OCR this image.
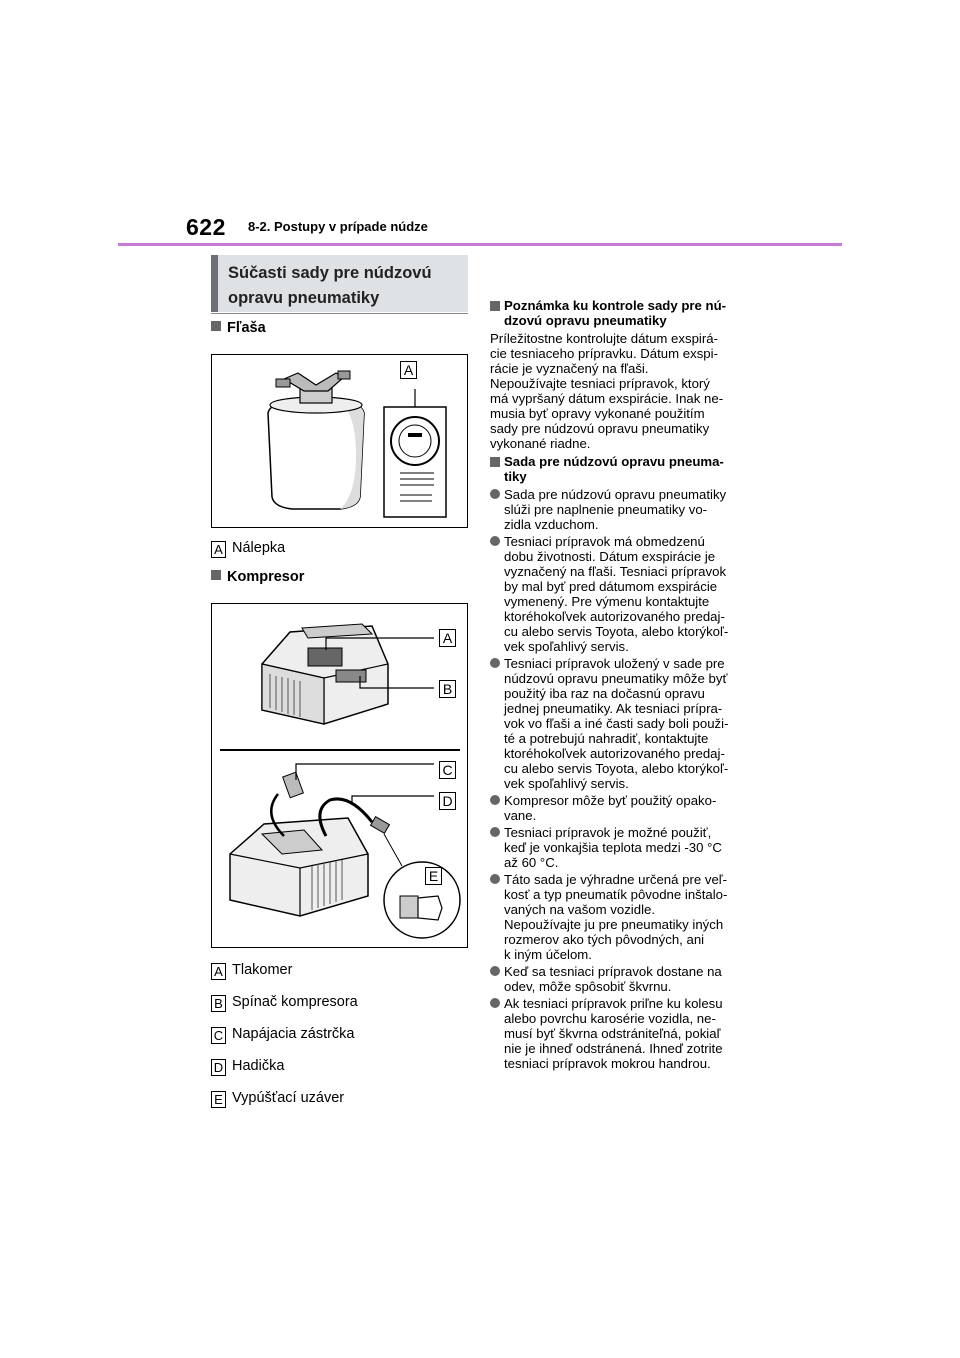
622 8-2. Postupy v prípade núdze
Súčasti sady pre núdzovú
opravu pneumatiky
Fľaša
A
A Nálepka
Kompresor
A
B
C
D
E
A Tlakomer
B Spínač kompresora
C Napájacia zástrčka
D Hadička
E Vypúšťací uzáver
Poznámka ku kontrole sady pre nú-
dzovú opravu pneumatiky

Príležitostne kontrolujte dátum exspirá-
cie tesniaceho prípravku. Dátum exspi-
rácie je vyznačený na fľaši.
Nepoužívajte tesniaci prípravok, ktorý
má vypršaný dátum exspirácie. Inak ne-
musia byť opravy vykonané použitím
sady pre núdzovú opravu pneumatiky
vykonané riadne.

Sada pre núdzovú opravu pneuma-
tiky
Sada pre núdzovú opravu pneumatiky
slúži pre naplnenie pneumatiky vo-
zidla vzduchom.
Tesniaci prípravok má obmedzenú
dobu životnosti. Dátum exspirácie je
vyznačený na fľaši. Tesniaci prípravok
by mal byť pred dátumom exspirácie
vymenený. Pre výmenu kontaktujte
ktoréhokoľvek autorizovaného predaj-
cu alebo servis Toyota, alebo ktorýkoľ-
vek spoľahlivý servis.
Tesniaci prípravok uložený v sade pre
núdzovú opravu pneumatiky môže byť
použitý iba raz na dočasnú opravu
jednej pneumatiky. Ak tesniaci prípra-
vok vo fľaši a iné časti sady boli použi-
té a potrebujú nahradiť, kontaktujte
ktoréhokoľvek autorizovaného predaj-
cu alebo servis Toyota, alebo ktorýkoľ-
vek spoľahlivý servis.
Kompresor môže byť použitý opako-
vane.
Tesniaci prípravok je možné použiť,
keď je vonkajšia teplota medzi -30 °C
až 60 °C.
Táto sada je výhradne určená pre veľ-
kosť a typ pneumatík pôvodne inštalo-
vaných na vašom vozidle.
Nepoužívajte ju pre pneumatiky iných
rozmerov ako tých pôvodných, ani
k iným účelom.
Keď sa tesniaci prípravok dostane na
odev, môže spôsobiť škvrnu.
Ak tesniaci prípravok priľne ku kolesu
alebo povrchu karosérie vozidla, ne-
musí byť škvrna odstrániteľná, pokiaľ
nie je ihneď odstránená. Ihneď zotrite
tesniaci prípravok mokrou handrou.
